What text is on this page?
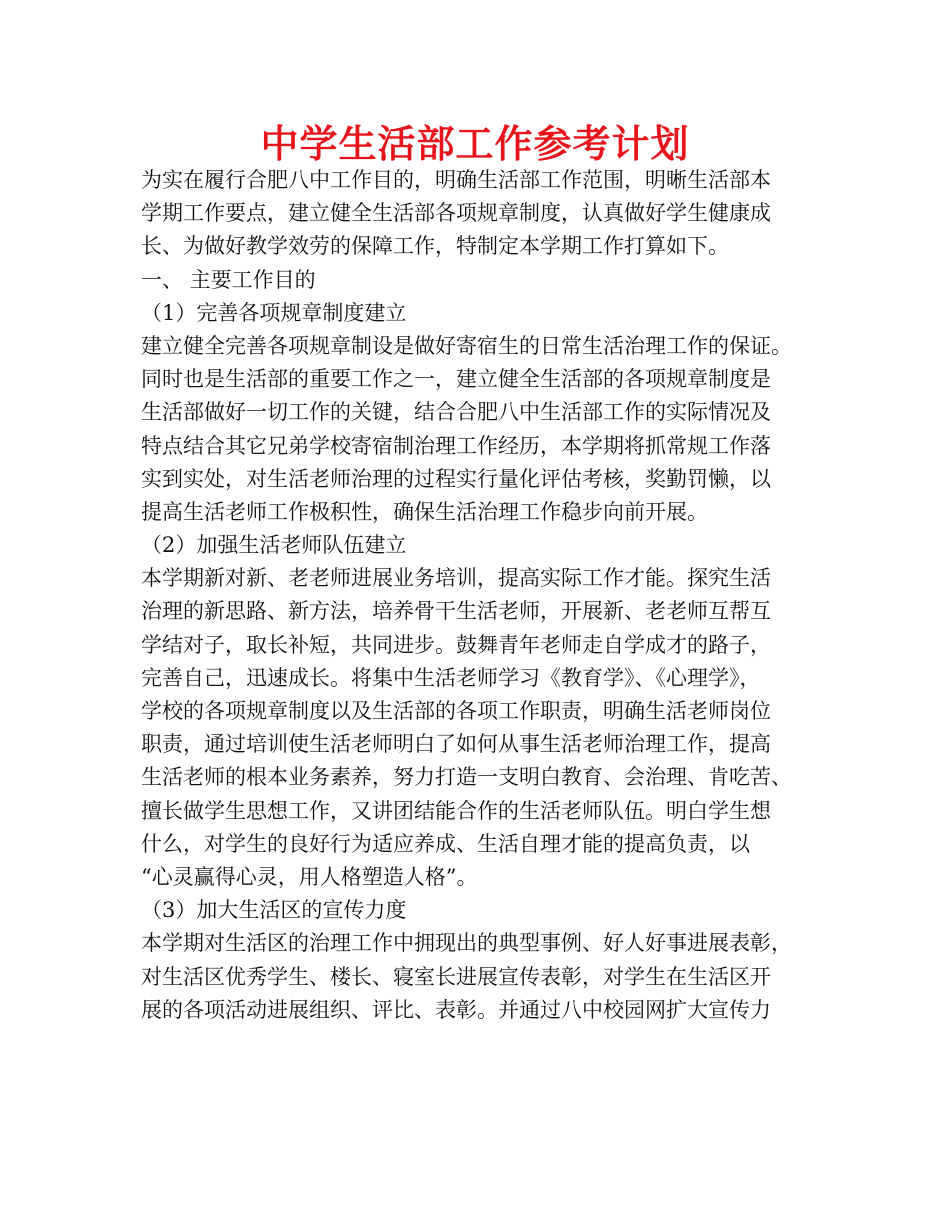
中学生活部工作参考计划
为实在履行合肥八中工作目的，明确生活部工作范围，明晰生活部本
学期工作要点，建立健全生活部各项规章制度，认真做好学生健康成
长、为做好教学效劳的保障工作，特制定本学期工作打算如下。
一、 主要工作目的
（1）完善各项规章制度建立
建立健全完善各项规章制设是做好寄宿生的日常生活治理工作的保证。
同时也是生活部的重要工作之一，建立健全生活部的各项规章制度是
生活部做好一切工作的关键，结合合肥八中生活部工作的实际情况及
特点结合其它兄弟学校寄宿制治理工作经历，本学期将抓常规工作落
实到实处，对生活老师治理的过程实行量化评估考核，奖勤罚懒，以
提高生活老师工作极积性，确保生活治理工作稳步向前开展。
（2）加强生活老师队伍建立
本学期新对新、老老师进展业务培训，提高实际工作才能。探究生活
治理的新思路、新方法，培养骨干生活老师，开展新、老老师互帮互
学结对子，取长补短，共同进步。鼓舞青年老师走自学成才的路子，
完善自己，迅速成长。将集中生活老师学习《教育学》、《心理学》，
学校的各项规章制度以及生活部的各项工作职责，明确生活老师岗位
职责，通过培训使生活老师明白了如何从事生活老师治理工作，提高
生活老师的根本业务素养，努力打造一支明白教育、会治理、肯吃苦、
擅长做学生思想工作，又讲团结能合作的生活老师队伍。明白学生想
什么，对学生的良好行为适应养成、生活自理才能的提高负责，以
“心灵赢得心灵，用人格塑造人格”。
（3）加大生活区的宣传力度
本学期对生活区的治理工作中拥现出的典型事例、好人好事进展表彰，
对生活区优秀学生、楼长、寝室长进展宣传表彰，对学生在生活区开
展的各项活动进展组织、评比、表彰。并通过八中校园网扩大宣传力
